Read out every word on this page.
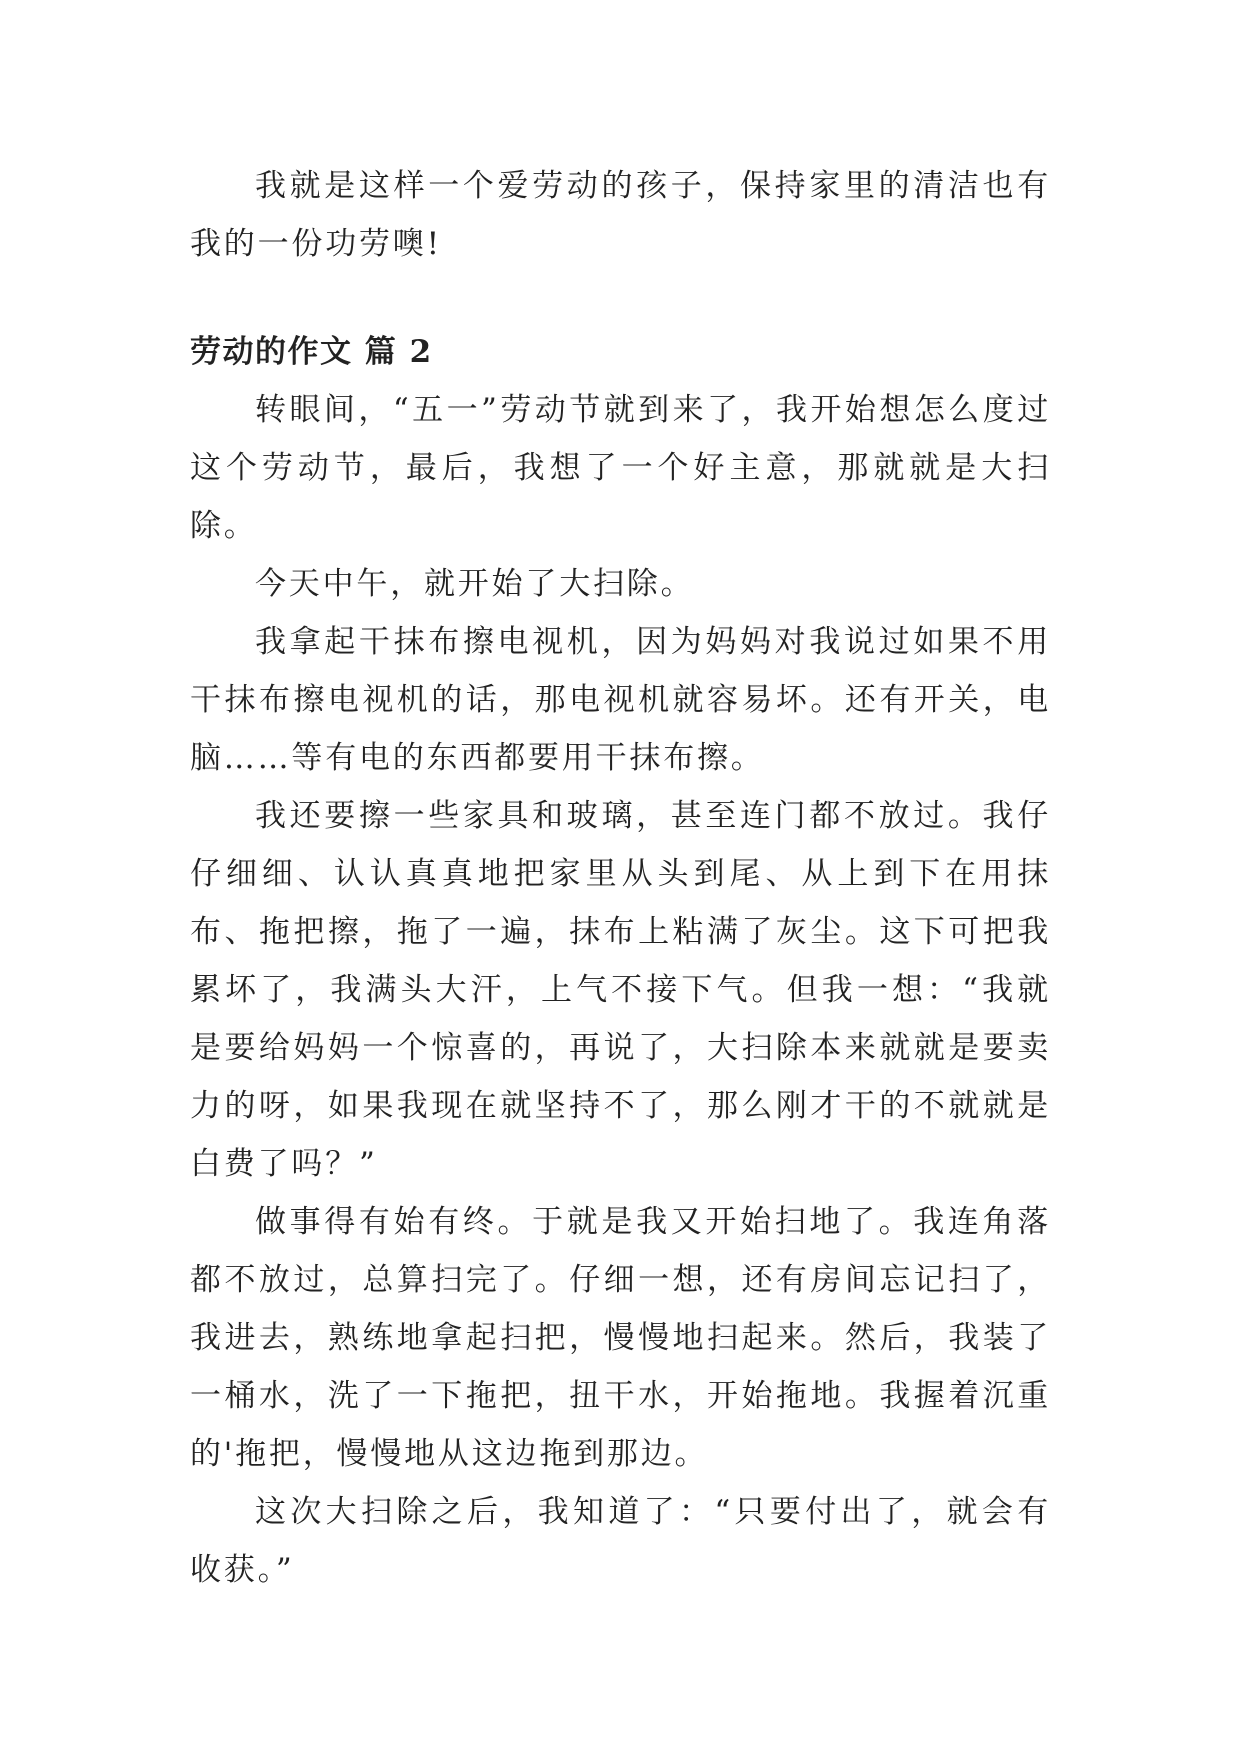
我就是这样一个爱劳动的孩子，保持家里的清洁也有我的一份功劳噢!

劳动的作文 篇 2

转眼间，“五一”劳动节就到来了，我开始想怎么度过这个劳动节，最后，我想了一个好主意，那就就是大扫除。

今天中午，就开始了大扫除。

我拿起干抹布擦电视机，因为妈妈对我说过如果不用干抹布擦电视机的话，那电视机就容易坏。还有开关，电脑……等有电的东西都要用干抹布擦。

我还要擦一些家具和玻璃，甚至连门都不放过。我仔仔细细、认认真真地把家里从头到尾、从上到下在用抹布、拖把擦，拖了一遍，抹布上粘满了灰尘。这下可把我累坏了，我满头大汗，上气不接下气。但我一想：“我就是要给妈妈一个惊喜的，再说了，大扫除本来就就是要卖力的呀，如果我现在就坚持不了，那么刚才干的不就就是白费了吗？”

做事得有始有终。于就是我又开始扫地了。我连角落都不放过，总算扫完了。仔细一想，还有房间忘记扫了，我进去，熟练地拿起扫把，慢慢地扫起来。然后，我装了一桶水，洗了一下拖把，扭干水，开始拖地。我握着沉重的'拖把，慢慢地从这边拖到那边。

这次大扫除之后，我知道了：“只要付出了，就会有收获。”
